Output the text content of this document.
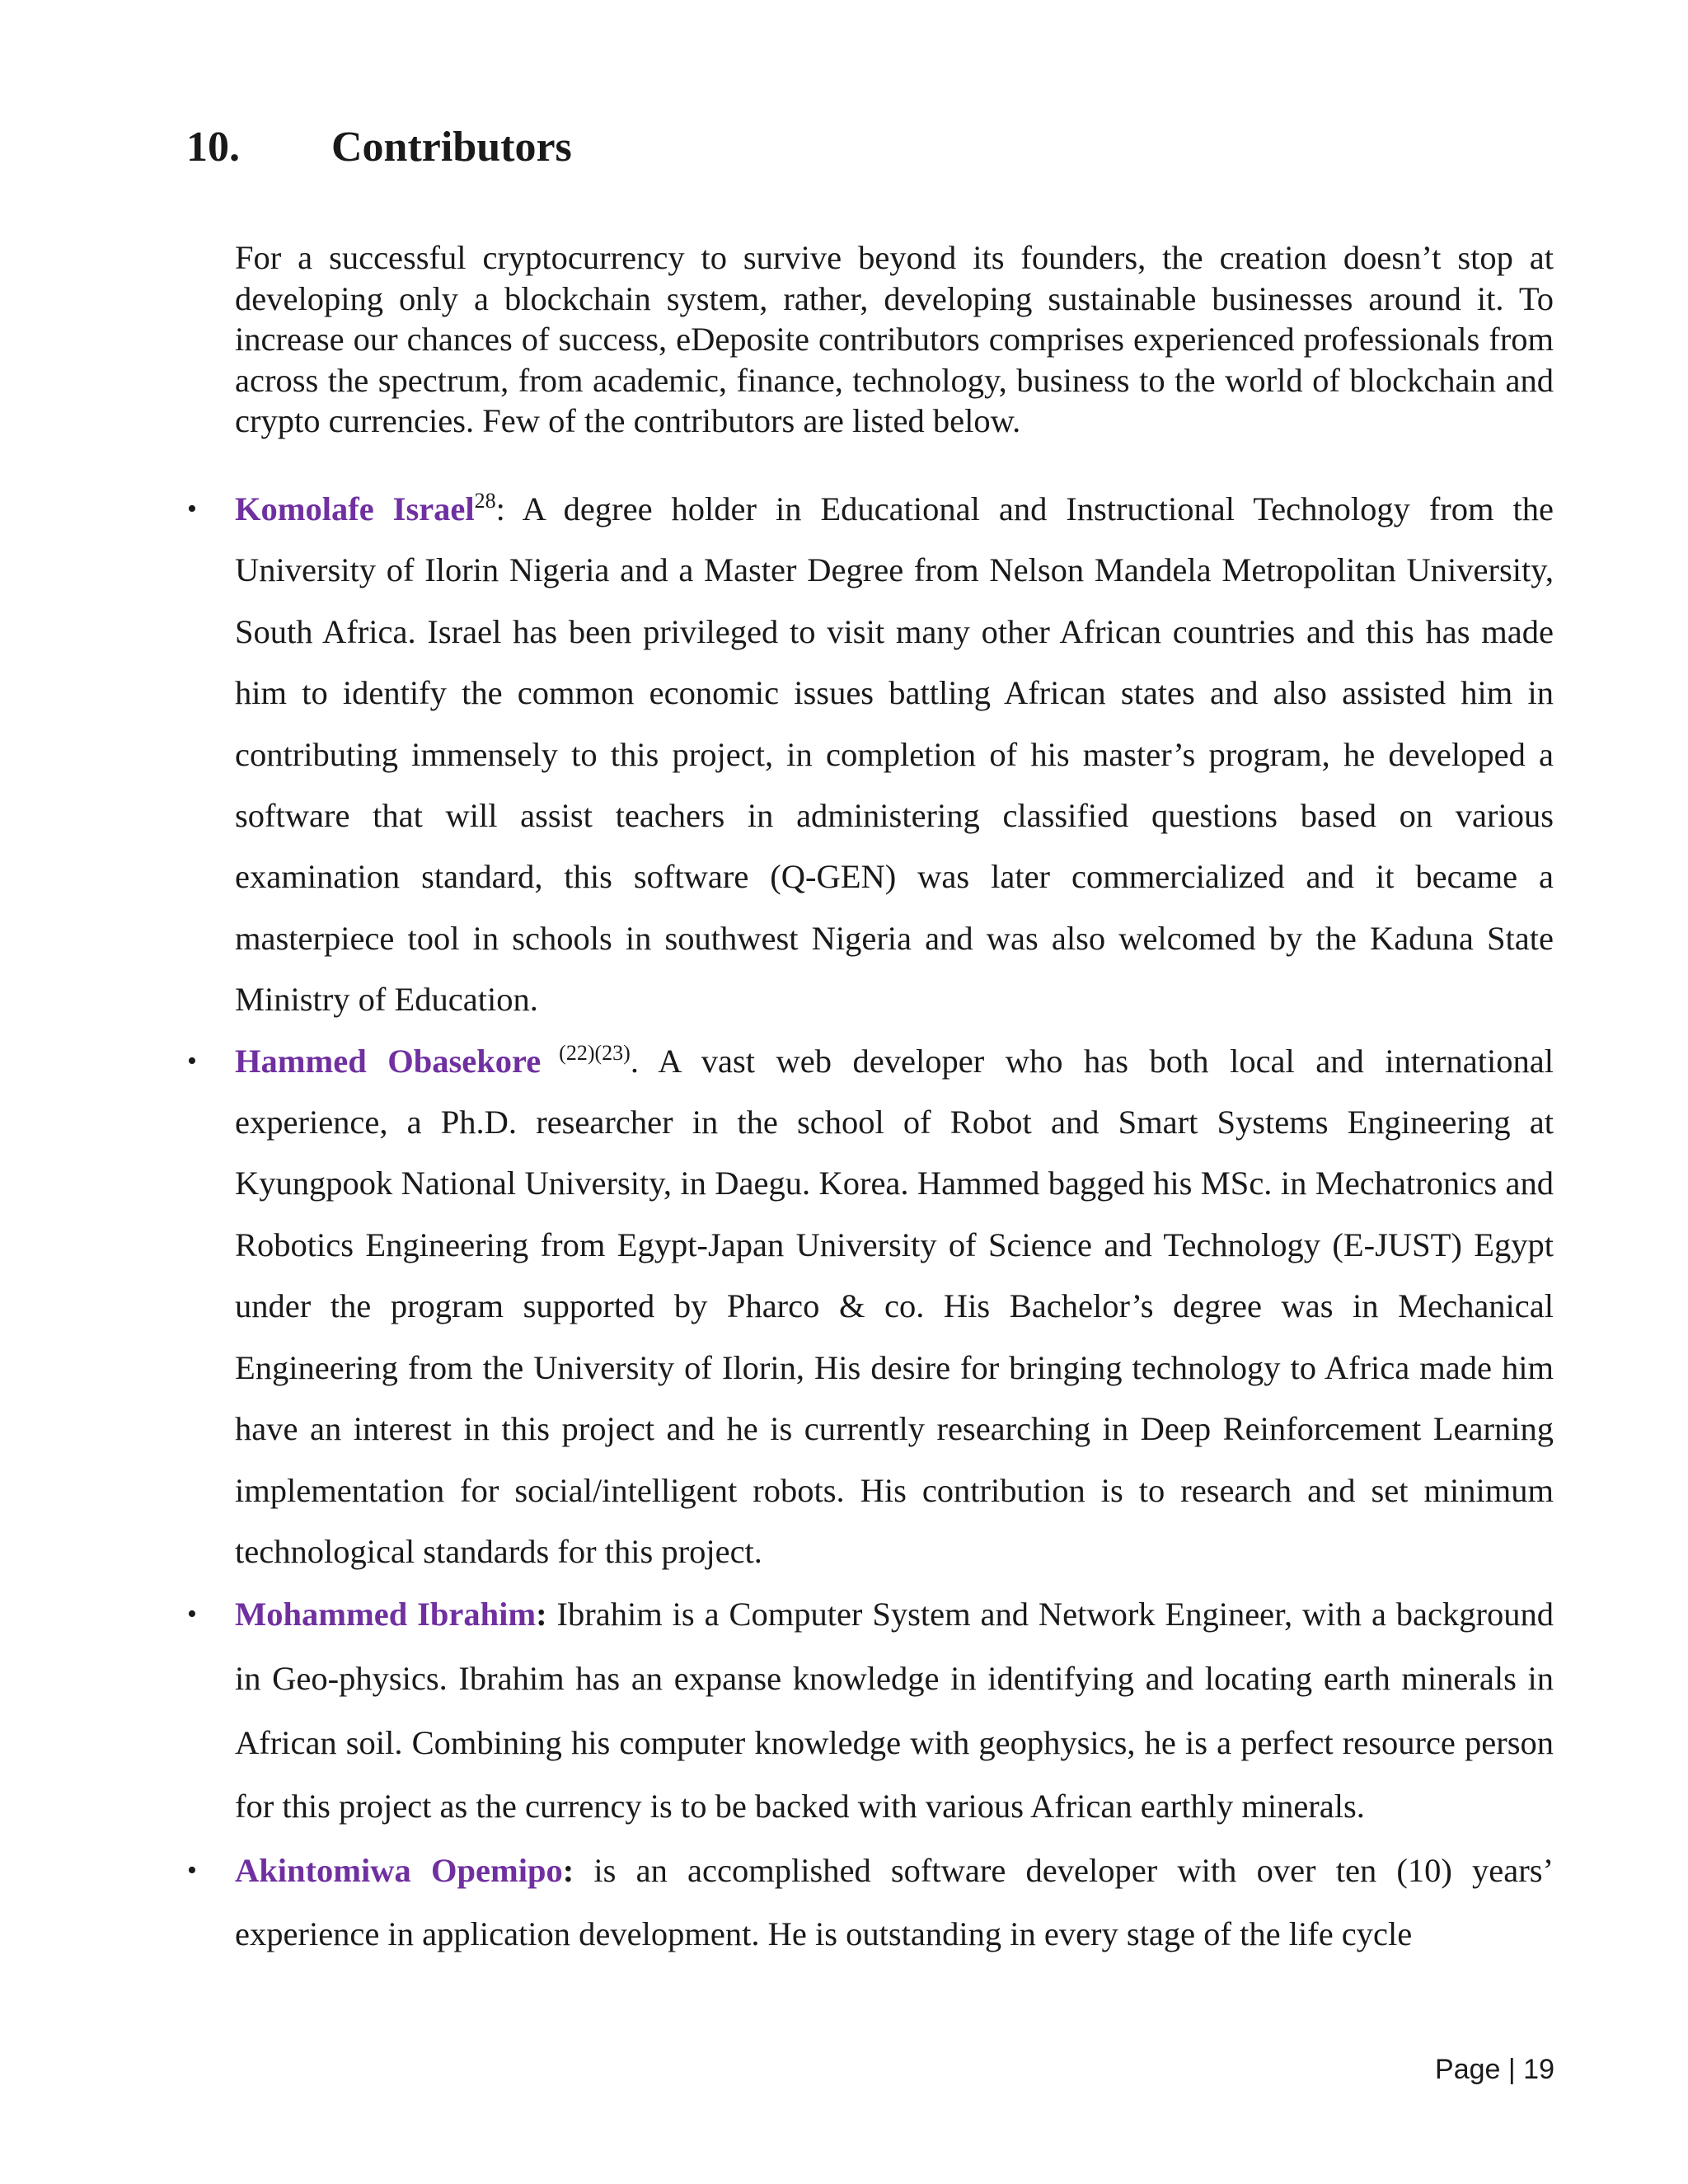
10. Contributors

For a successful cryptocurrency to survive beyond its founders, the creation doesn’t stop at developing only a blockchain system, rather, developing sustainable businesses around it. To increase our chances of success, eDeposite contributors comprises experienced professionals from across the spectrum, from academic, finance, technology, business to the world of blockchain and crypto currencies. Few of the contributors are listed below.

• Komolafe Israel$^{28}$: A degree holder in Educational and Instructional Technology from the University of Ilorin Nigeria and a Master Degree from Nelson Mandela Metropolitan University, South Africa. Israel has been privileged to visit many other African countries and this has made him to identify the common economic issues battling African states and also assisted him in contributing immensely to this project, in completion of his master’s program, he developed a software that will assist teachers in administering classified questions based on various examination standard, this software (Q-GEN) was later commercialized and it became a masterpiece tool in schools in southwest Nigeria and was also welcomed by the Kaduna State Ministry of Education.
• Hammed Obasekore $^{(22)(23)}$. A vast web developer who has both local and international experience, a Ph.D. researcher in the school of Robot and Smart Systems Engineering at Kyungpook National University, in Daegu. Korea. Hammed bagged his MSc. in Mechatronics and Robotics Engineering from Egypt-Japan University of Science and Technology (E-JUST) Egypt under the program supported by Pharco & co. His Bachelor’s degree was in Mechanical Engineering from the University of Ilorin, His desire for bringing technology to Africa made him have an interest in this project and he is currently researching in Deep Reinforcement Learning implementation for social/intelligent robots. His contribution is to research and set minimum technological standards for this project.
• Mohammed Ibrahim: Ibrahim is a Computer System and Network Engineer, with a background in Geo-physics. Ibrahim has an expanse knowledge in identifying and locating earth minerals in African soil. Combining his computer knowledge with geophysics, he is a perfect resource person for this project as the currency is to be backed with various African earthly minerals.
• Akintomiwa Opemipo: is an accomplished software developer with over ten (10) years’ experience in application development. He is outstanding in every stage of the life cycle
Page | 19
